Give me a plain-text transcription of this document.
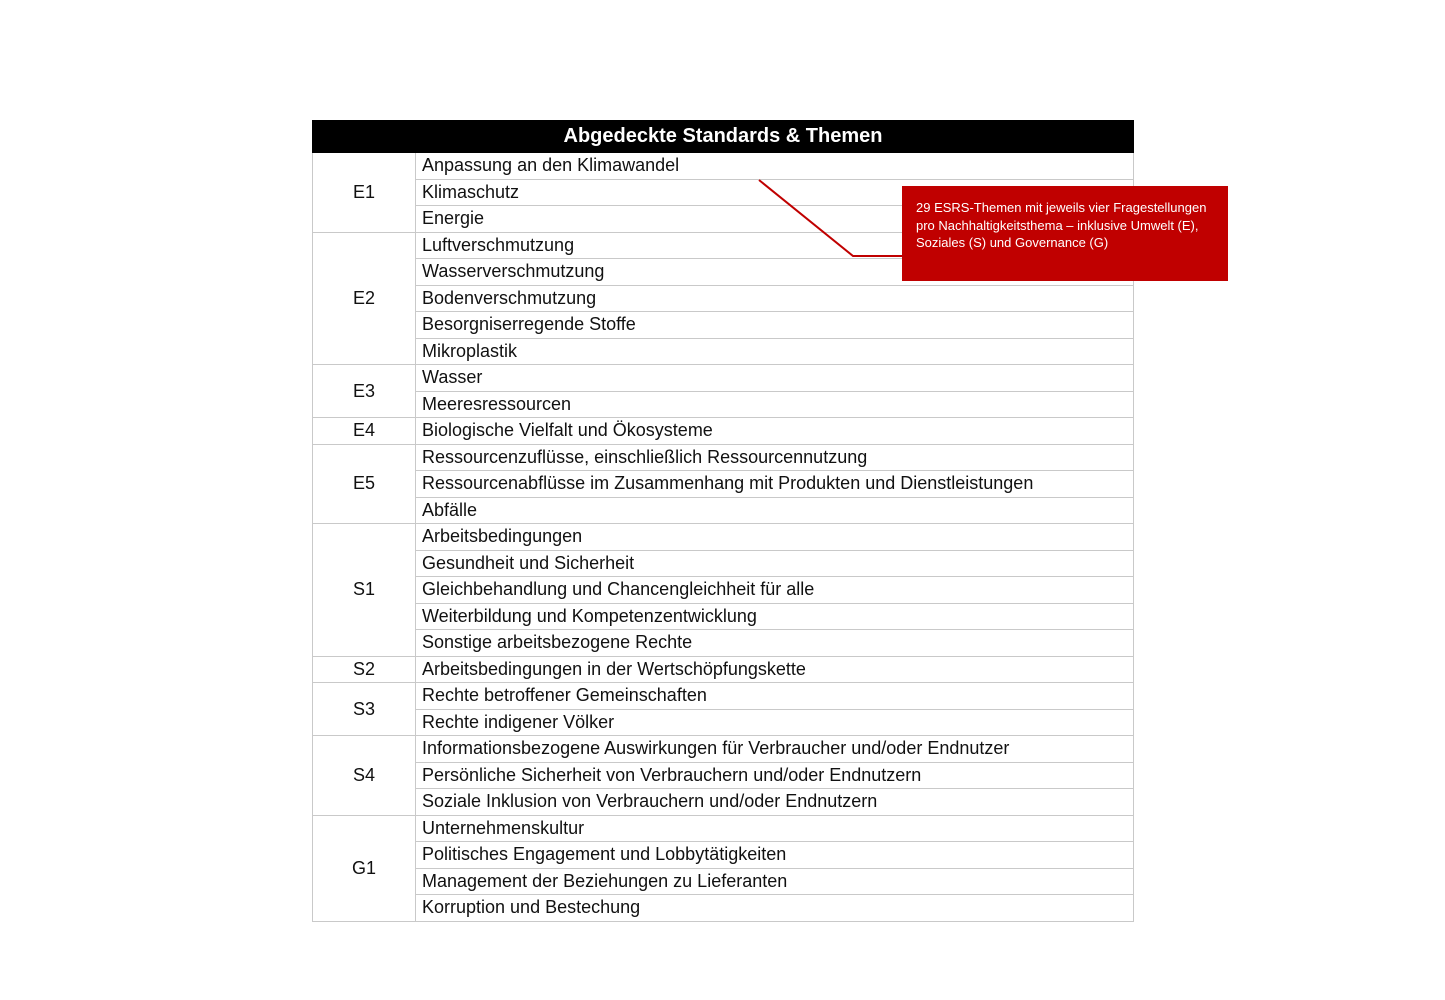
Abgedeckte Standards & Themen	
E1	Anpassung an den Klimawandel
	Klimaschutz
	Energie
E2	Luftverschmutzung
	Wasserverschmutzung
	Bodenverschmutzung
	Besorgniserregende Stoffe
	Mikroplastik
E3	Wasser
	Meeresressourcen
E4	Biologische Vielfalt und Ökosysteme
E5	Ressourcenzuflüsse, einschließlich Ressourcennutzung
	Ressourcenabflüsse im Zusammenhang mit Produkten und Dienstleistungen
	Abfälle
S1	Arbeitsbedingungen
	Gesundheit und Sicherheit
	Gleichbehandlung und Chancengleichheit für alle
	Weiterbildung und Kompetenzentwicklung
	Sonstige arbeitsbezogene Rechte
S2	Arbeitsbedingungen in der Wertschöpfungskette
S3	Rechte betroffener Gemeinschaften
	Rechte indigener Völker
S4	Informationsbezogene Auswirkungen für Verbraucher und/oder Endnutzer
	Persönliche Sicherheit von Verbrauchern und/oder Endnutzern
	Soziale Inklusion von Verbrauchern und/oder Endnutzern
G1	Unternehmenskultur
	Politisches Engagement und Lobbytätigkeiten
	Management der Beziehungen zu Lieferanten
	Korruption und Bestechung
29 ESRS-Themen mit jeweils vier Fragestellungen pro Nachhaltigkeitsthema – inklusive Umwelt (E), Soziales (S) und Governance (G)
